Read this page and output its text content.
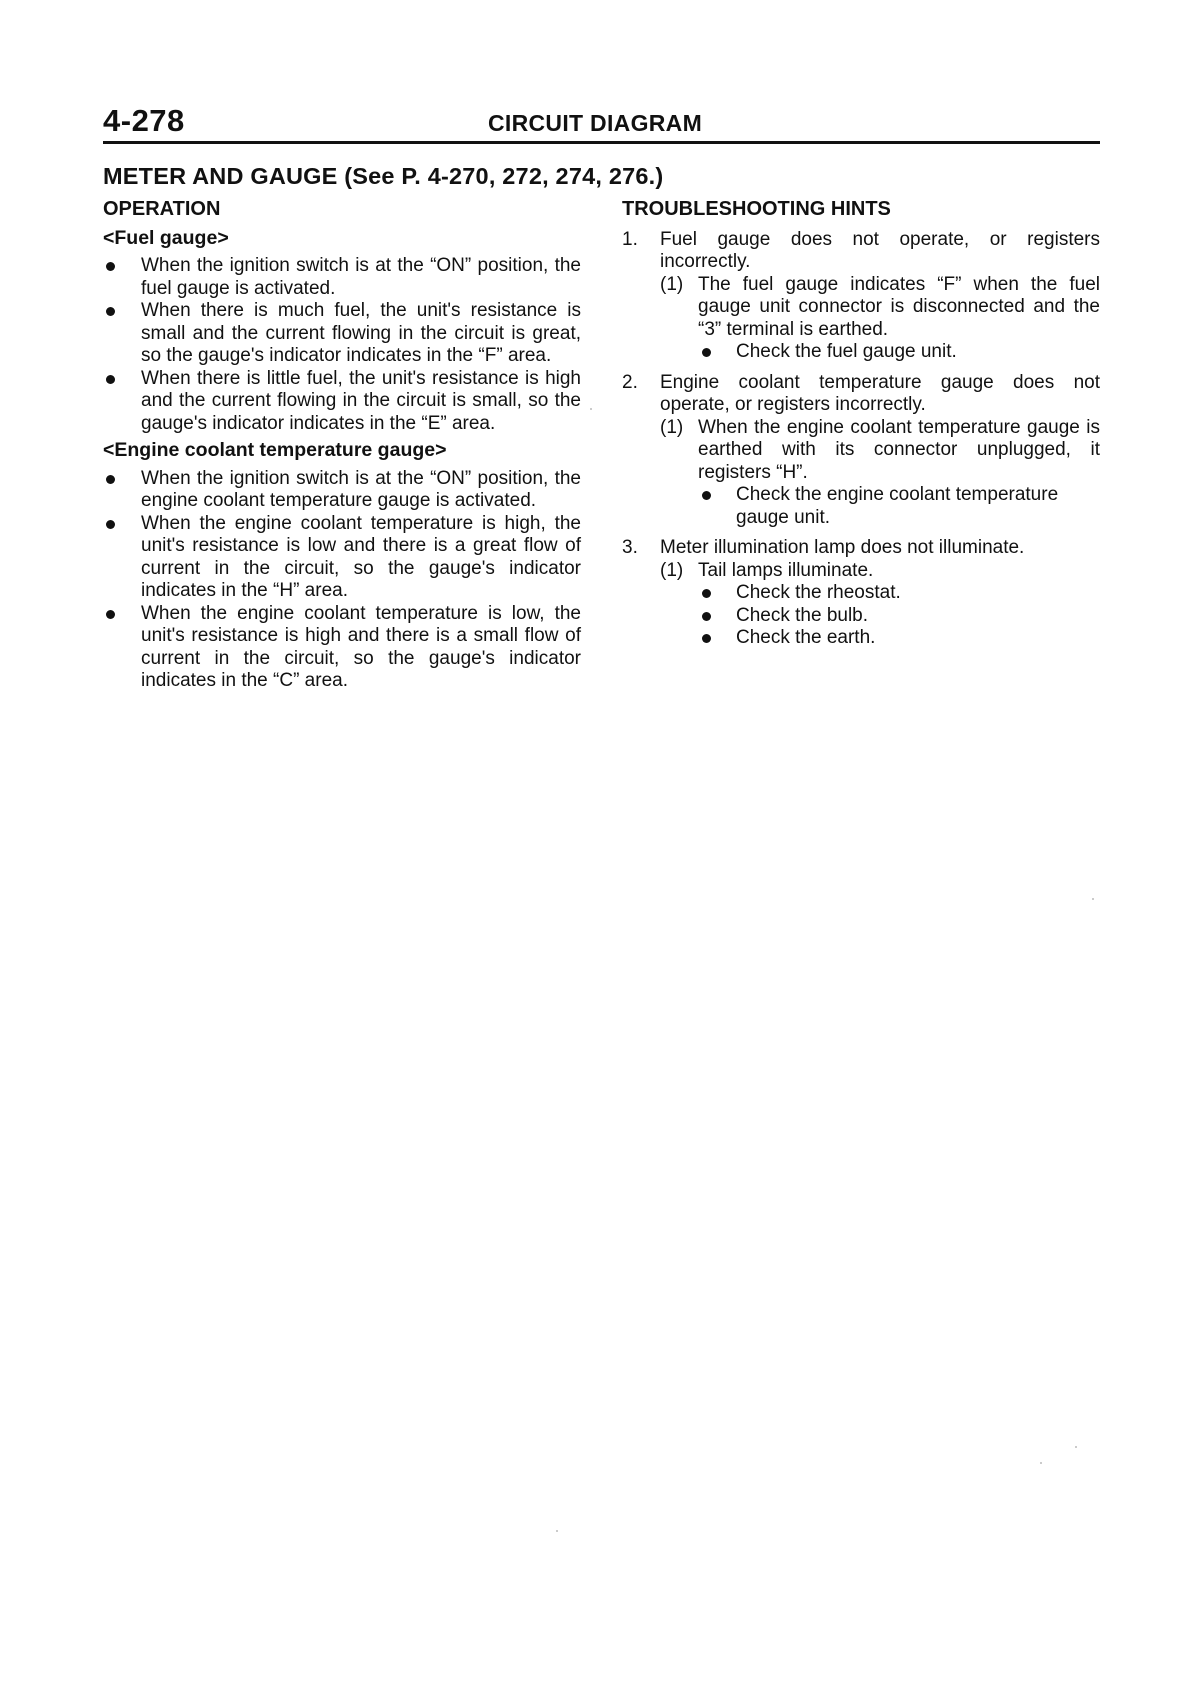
4-278	CIRCUIT DIAGRAM
METER AND GAUGE (See P. 4-270, 272, 274, 276.)
OPERATION
<Fuel gauge>
When the ignition switch is at the “ON” position, the fuel gauge is activated.
When there is much fuel, the unit's resistance is small and the current flowing in the circuit is great, so the gauge's indicator indicates in the “F” area.
When there is little fuel, the unit's resistance is high and the current flowing in the circuit is small, so the gauge's indicator indicates in the “E” area.
<Engine coolant temperature gauge>
When the ignition switch is at the “ON” position, the engine coolant temperature gauge is activated.
When the engine coolant temperature is high, the unit's resistance is low and there is a great flow of current in the circuit, so the gauge's indicator indicates in the “H” area.
When the engine coolant temperature is low, the unit's resistance is high and there is a small flow of current in the circuit, so the gauge's indicator indicates in the “C” area.
TROUBLESHOOTING HINTS
1. Fuel gauge does not operate, or registers incorrectly.
(1) The fuel gauge indicates “F” when the fuel gauge unit connector is disconnected and the “3” terminal is earthed.
Check the fuel gauge unit.
2. Engine coolant temperature gauge does not operate, or registers incorrectly.
(1) When the engine coolant temperature gauge is earthed with its connector unplugged, it registers “H”.
Check the engine coolant temperature gauge unit.
3. Meter illumination lamp does not illuminate.
(1) Tail lamps illuminate.
Check the rheostat.
Check the bulb.
Check the earth.
